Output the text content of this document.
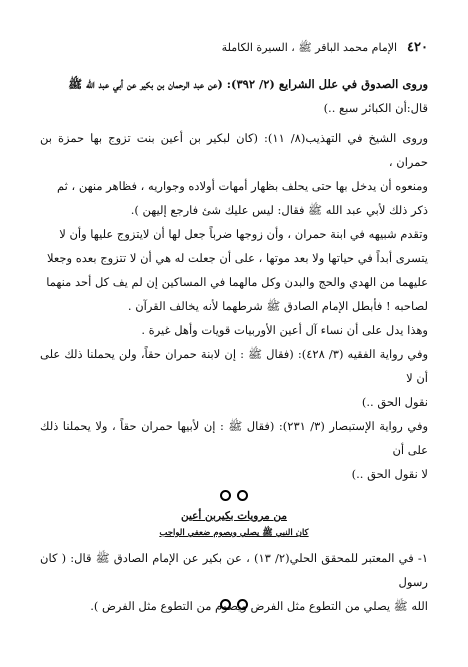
٤٢٠
الإمام محمد الباقر ﷺ ، السيرة الكاملة

وروى الصدوق في علل الشرايع (٢/ ٣٩٢): (عن عبد الرحمان بن بكير عن أبي عبد الله ﷺ
قال:أن الكبائر سبع ..)

وروى الشيخ في التهذيب(٨/ ١١): (كان لبكير بن أعين بنت تزوج بها حمزة بن حمران ،
ومنعوه أن يدخل بها حتى يحلف بظهار أمهات أولاده وجواريه ، فظاهر منهن ، ثم
ذكر ذلك لأبي عبد الله ﷺ فقال: ليس عليك شئ فارجع إليهن ).

وتقدم شبيهه في ابنة حمران ، وأن زوجها ضرباً جعل لها أن لايتزوج عليها وأن لا
يتسرى أبداً في حياتها ولا بعد موتها ، على أن جعلت له هي أن لا تتزوج بعده وجعلا
عليهما من الهدي والحج والبدن وكل مالهما في المساكين إن لم يف كل أحد منهما
لصاحبه ! فأبطل الإمام الصادق ﷺ شرطهما لأنه يخالف القرآن .
وهذا يدل على أن نساء آل أعين الأوربيات قويات وأهل غيرة .

وفي رواية الفقيه (٣/ ٤٢٨): (فقال ﷺ : إن لابنة حمران حقاً، ولن يحملنا ذلك على أن لا
نقول الحق ..)

وفي رواية الإستبصار (٣/ ٢٣١): (فقال ﷺ : إن لأبيها حمران حقاً ، ولا يحملنا ذلك على أن
لا نقول الحق ..)

من مرويات بكيربن أعين
كان النبي ﷺ يصلي ويصوم ضعفي الواجب

١- في المعتبر للمحقق الحلي(٢/ ١٣) ، عن بكير عن الإمام الصادق ﷺ قال: ( كان رسول
الله ﷺ يصلي من التطوع مثل الفرض ويصوم من التطوع مثل الفرض ).
